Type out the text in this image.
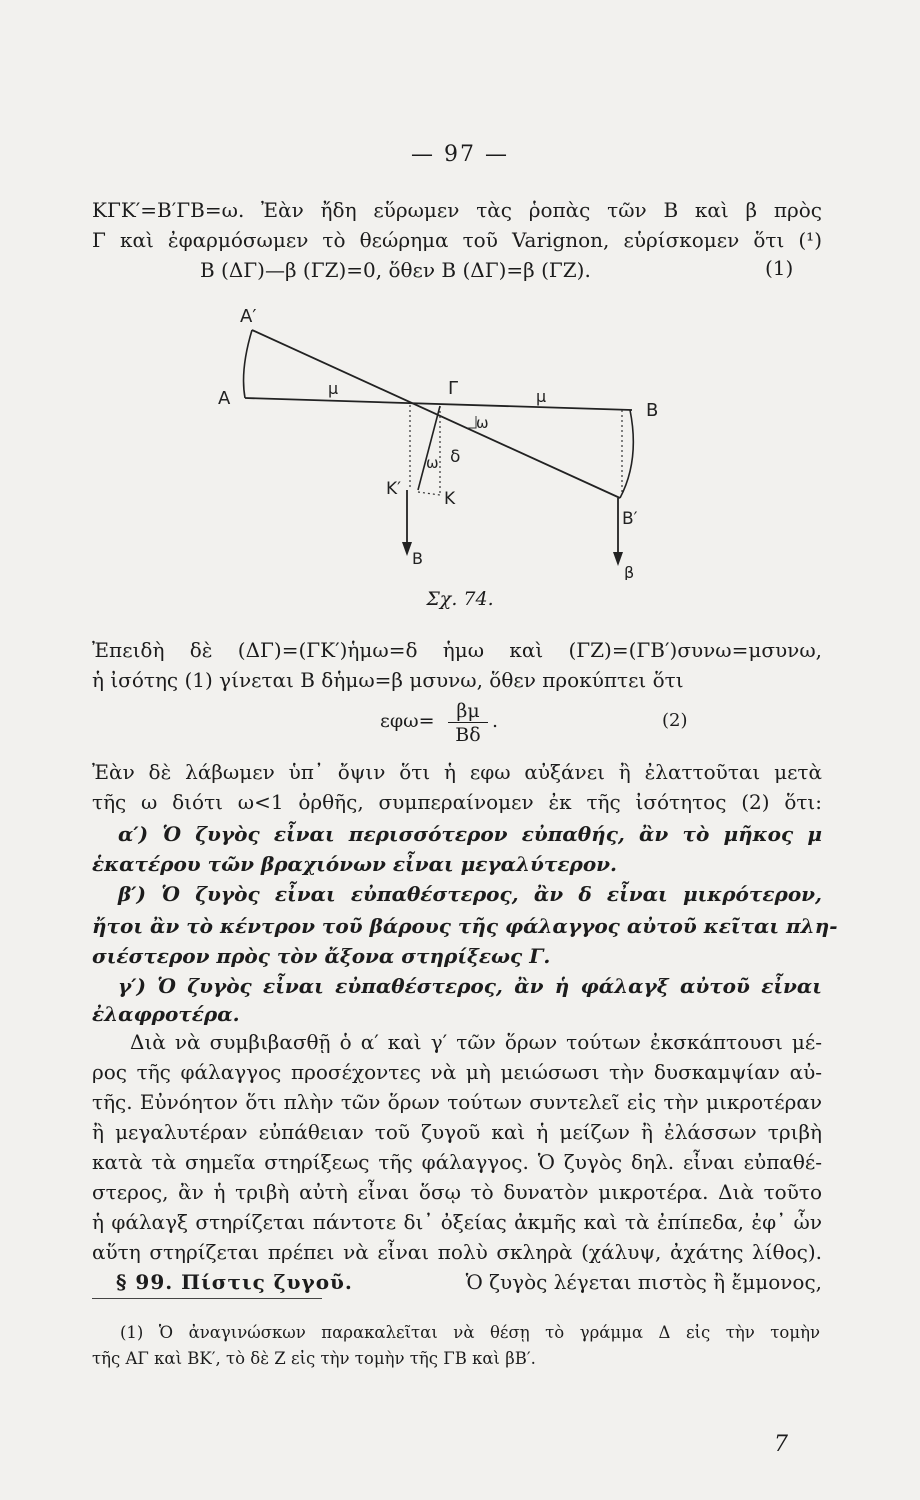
— 97 —
ΚΓΚ′=Β′ΓΒ=ω. Ἐὰν ἤδη εὕρωμεν τὰς ῥοπὰς τῶν Β καὶ β πρὸς
Γ καὶ ἐφαρμόσωμεν τὸ θεώρημα τοῦ Varignon, εὑρίσκομεν ὅτι (¹)
Β (ΔΓ)—β (ΓΖ)=0, ὅθεν Β (ΔΓ)=β (ΓΖ).	(1)
Α′
Α	μ	Γ	μ
Β
ω
ω δ
Κ′	Κ
Β′
Β
β
Σχ. 74.
Ἐπειδὴ δὲ (ΔΓ)=(ΓΚ′)ἡμω=δ ἡμω καὶ (ΓΖ)=(ΓΒ′)συνω=μσυνω,
ἡ ἰσότης (1) γίνεται Β δἡμω=β μσυνω, ὅθεν προκύπτει ὅτι
$\varepsilon\varphi\omega= \frac{\beta\mu}{B\delta}$ .	(2)
Ἐὰν δὲ λάβωμεν ὑπ᾽ ὄψιν ὅτι ἡ εφω αὐξάνει ἢ ἐλαττοῦται μετὰ
τῆς ω διότι ω<1 ὀρθῆς, συμπεραίνομεν ἐκ τῆς ἰσότητος (2) ὅτι:
α′) Ὁ ζυγὸς εἶναι περισσότερον εὐπαθής, ἂν τὸ μῆκος μ
ἑκατέρου τῶν βραχιόνων εἶναι μεγαλύτερον.
β′) Ὁ ζυγὸς εἶναι εὐπαθέστερος, ἂν δ εἶναι μικρότερον,
ἤτοι ἂν τὸ κέντρον τοῦ βάρους τῆς φάλαγγος αὐτοῦ κεῖται πλη-
σιέστερον πρὸς τὸν ἄξονα στηρίξεως Γ.
γ′) Ὁ ζυγὸς εἶναι εὐπαθέστερος, ἂν ἡ φάλαγξ αὐτοῦ εἶναι
ἐλαφροτέρα.
Διὰ νὰ συμβιβασθῇ ὁ α′ καὶ γ′ τῶν ὅρων τούτων ἐκσκάπτουσι μέ-
ρος τῆς φάλαγγος προσέχοντες νὰ μὴ μειώσωσι τὴν δυσκαμψίαν αὐ-
τῆς. Εὐνόητον ὅτι πλὴν τῶν ὅρων τούτων συντελεῖ εἰς τὴν μικροτέραν
ἢ μεγαλυτέραν εὐπάθειαν τοῦ ζυγοῦ καὶ ἡ μείζων ἢ ἐλάσσων τριβὴ
κατὰ τὰ σημεῖα στηρίξεως τῆς φάλαγγος. Ὁ ζυγὸς δηλ. εἶναι εὐπαθέ-
στερος, ἂν ἡ τριβὴ αὐτὴ εἶναι ὅσῳ τὸ δυνατὸν μικροτέρα. Διὰ τοῦτο
ἡ φάλαγξ στηρίζεται πάντοτε δι᾽ ὀξείας ἀκμῆς καὶ τὰ ἐπίπεδα, ἐφ᾽ ὧν
αὕτη στηρίζεται πρέπει νὰ εἶναι πολὺ σκληρὰ (χάλυψ, ἀχάτης λίθος).
§ 99. Πίστις ζυγοῦ.	Ὁ ζυγὸς λέγεται πιστὸς ἢ ἔμμονος,
(1) Ὁ ἀναγινώσκων παρακαλεῖται νὰ θέσῃ τὸ γράμμα Δ εἰς τὴν τομὴν
τῆς ΑΓ καὶ ΒΚ′, τὸ δὲ Ζ εἰς τὴν τομὴν τῆς ΓΒ καὶ βΒ′.
7
